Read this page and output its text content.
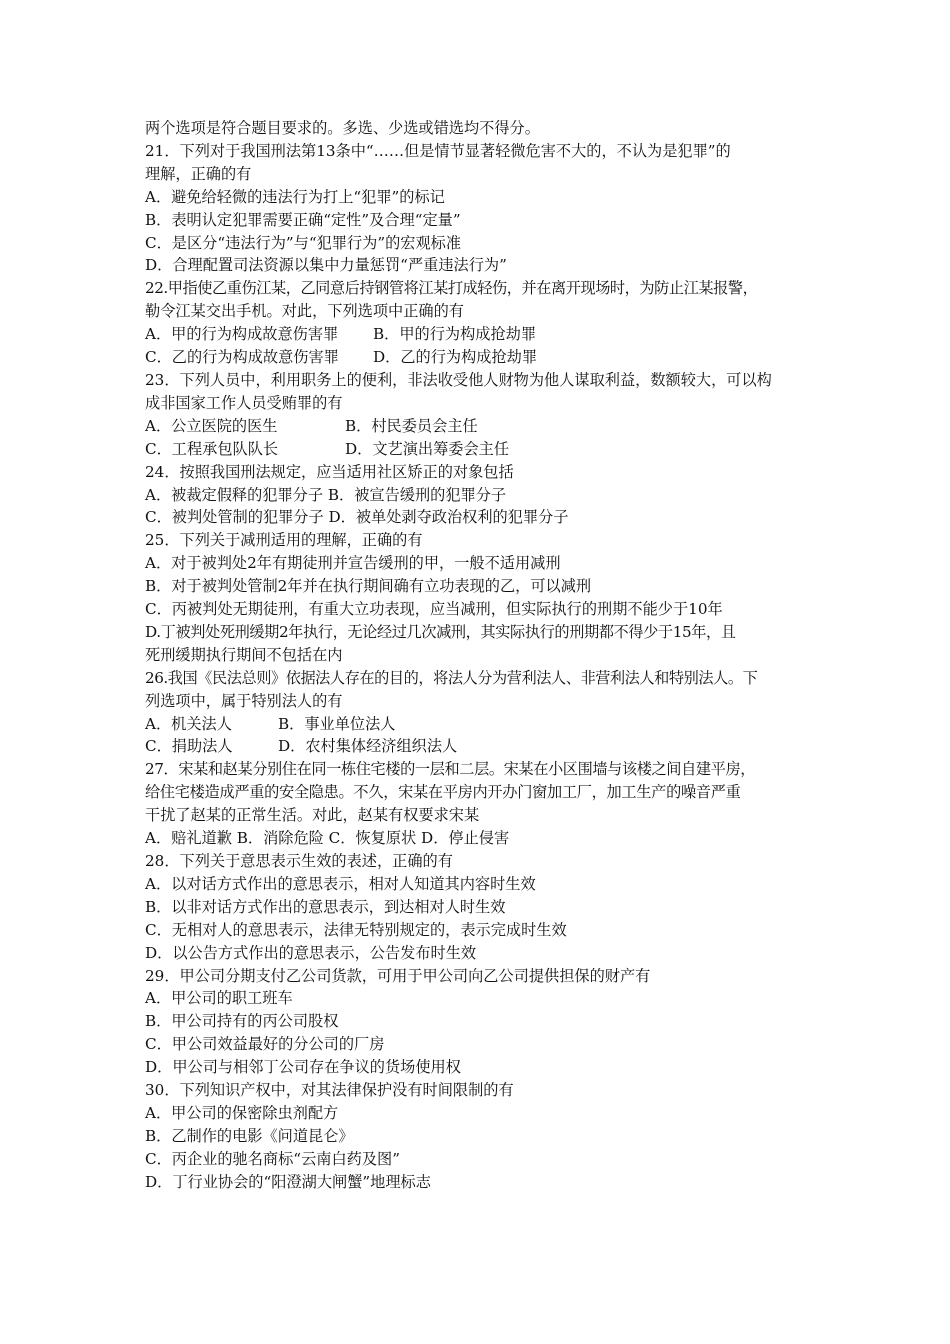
两个选项是符合题目要求的。多选、少选或错选均不得分。
21．下列对于我国刑法第13条中“……但是情节显著轻微危害不大的，不认为是犯罪”的
理解，正确的有
A．避免给轻微的违法行为打上“犯罪”的标记
B．表明认定犯罪需要正确“定性”及合理“定量”
C．是区分“违法行为”与“犯罪行为”的宏观标准
D．合理配置司法资源以集中力量惩罚“严重违法行为”
22.甲指使乙重伤江某，乙同意后持钢管将江某打成轻伤，并在离开现场时，为防止江某报警，
勒令江某交出手机。对此，下列选项中正确的有
A．甲的行为构成故意伤害罪 B．甲的行为构成抢劫罪
C．乙的行为构成故意伤害罪 D．乙的行为构成抢劫罪
23．下列人员中，利用职务上的便利，非法收受他人财物为他人谋取利益，数额较大，可以构
成非国家工作人员受贿罪的有
A．公立医院的医生	B．村民委员会主任
C．工程承包队队长	D．文艺演出筹委会主任
24．按照我国刑法规定，应当适用社区矫正的对象包括
A．被裁定假释的犯罪分子 B．被宣告缓刑的犯罪分子
C．被判处管制的犯罪分子 D．被单处剥夺政治权利的犯罪分子
25．下列关于减刑适用的理解，正确的有
A．对于被判处2年有期徒刑并宣告缓刑的甲，一般不适用减刑
B．对于被判处管制2年并在执行期间确有立功表现的乙，可以减刑
C．丙被判处无期徒刑，有重大立功表现，应当减刑，但实际执行的刑期不能少于10年
D.丁被判处死刑缓期2年执行，无论经过几次减刑，其实际执行的刑期都不得少于15年，且
死刑缓期执行期间不包括在内
26.我国《民法总则》依据法人存在的目的，将法人分为营利法人、非营利法人和特别法人。下
列选项中，属于特别法人的有
A．机关法人	B．事业单位法人
C．捐助法人	D．农村集体经济组织法人
27．宋某和赵某分别住在同一栋住宅楼的一层和二层。宋某在小区围墙与该楼之间自建平房，
给住宅楼造成严重的安全隐患。不久，宋某在平房内开办门窗加工厂，加工生产的噪音严重
干扰了赵某的正常生活。对此，赵某有权要求宋某
A．赔礼道歉 B．消除危险 C．恢复原状 D．停止侵害
28．下列关于意思表示生效的表述，正确的有
A．以对话方式作出的意思表示，相对人知道其内容时生效
B．以非对话方式作出的意思表示，到达相对人时生效
C．无相对人的意思表示，法律无特别规定的，表示完成时生效
D．以公告方式作出的意思表示，公告发布时生效
29．甲公司分期支付乙公司货款，可用于甲公司向乙公司提供担保的财产有
A．甲公司的职工班车
B．甲公司持有的丙公司股权
C．甲公司效益最好的分公司的厂房
D．甲公司与相邻丁公司存在争议的货场使用权
30．下列知识产权中，对其法律保护没有时间限制的有
A．甲公司的保密除虫剂配方
B．乙制作的电影《问道昆仑》
C．丙企业的驰名商标“云南白药及图”
D．丁行业协会的“阳澄湖大闸蟹”地理标志
